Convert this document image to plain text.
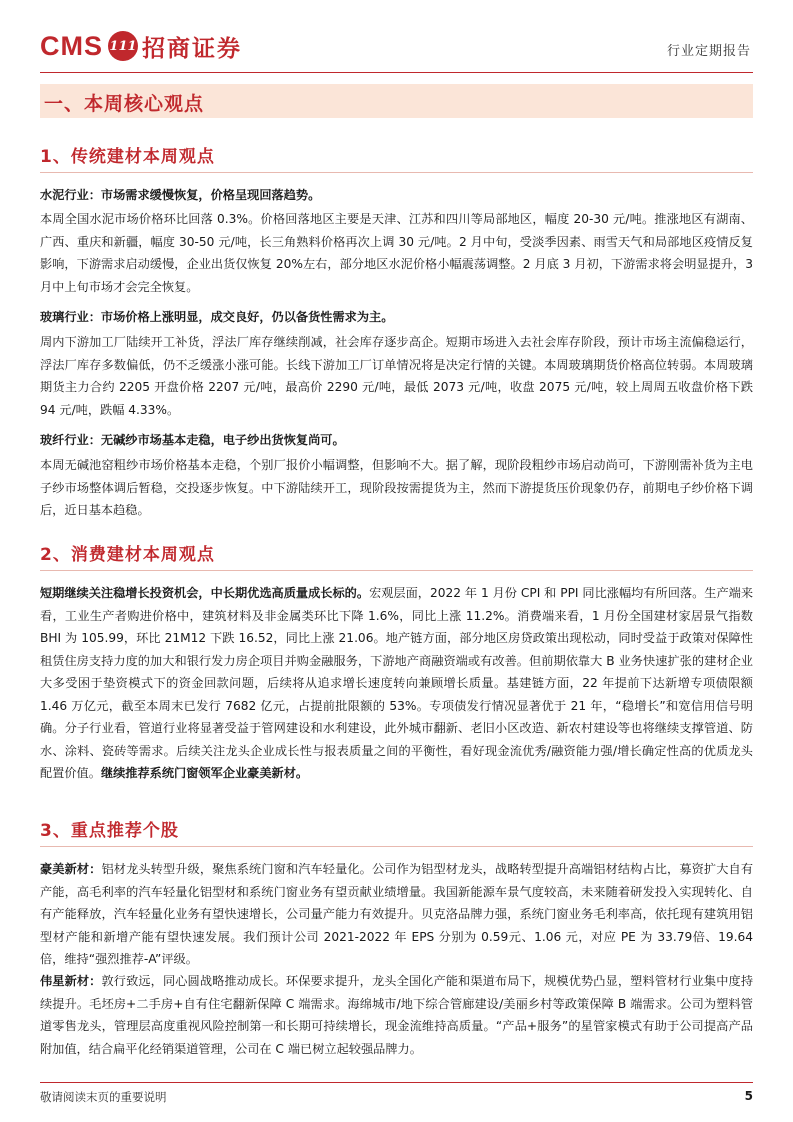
CMS 111 招商证券	行业定期报告
一、本周核心观点
1、传统建材本周观点
水泥行业：市场需求缓慢恢复，价格呈现回落趋势。
本周全国水泥市场价格环比回落 0.3%。价格回落地区主要是天津、江苏和四川等局部地区，幅度 20-30 元/吨。推涨地区有湖南、广西、重庆和新疆，幅度 30-50 元/吨，长三角熟料价格再次上调 30 元/吨。2 月中旬，受淡季因素、雨雪天气和局部地区疫情反复影响，下游需求启动缓慢，企业出货仅恢复 20%左右，部分地区水泥价格小幅震荡调整。2 月底 3 月初，下游需求将会明显提升，3 月中上旬市场才会完全恢复。
玻璃行业：市场价格上涨明显，成交良好，仍以备货性需求为主。
周内下游加工厂陆续开工补货，浮法厂库存继续削减，社会库存逐步高企。短期市场进入去社会库存阶段，预计市场主流偏稳运行，浮法厂库存多数偏低，仍不乏缓涨小涨可能。长线下游加工厂订单情况将是决定行情的关键。本周玻璃期货价格高位转弱。本周玻璃期货主力合约 2205 开盘价格 2207 元/吨，最高价 2290 元/吨，最低 2073 元/吨，收盘 2075 元/吨，较上周周五收盘价格下跌 94 元/吨，跌幅 4.33%。
玻纤行业：无碱纱市场基本走稳，电子纱出货恢复尚可。
本周无碱池窑粗纱市场价格基本走稳，个别厂报价小幅调整，但影响不大。据了解，现阶段粗纱市场启动尚可，下游刚需补货为主电子纱市场整体调后暂稳，交投逐步恢复。中下游陆续开工，现阶段按需提货为主，然而下游提货压价现象仍存，前期电子纱价格下调后，近日基本趋稳。
2、消费建材本周观点
短期继续关注稳增长投资机会，中长期优选高质量成长标的。宏观层面，2022 年 1 月份 CPI 和 PPI 同比涨幅均有所回落。生产端来看，工业生产者购进价格中，建筑材料及非金属类环比下降 1.6%，同比上涨 11.2%。消费端来看，1 月份全国建材家居景气指数 BHI 为 105.99，环比 21M12 下跌 16.52，同比上涨 21.06。地产链方面，部分地区房贷政策出现松动，同时受益于政策对保障性租赁住房支持力度的加大和银行发力房企项目并购金融服务，下游地产商融资端或有改善。但前期依靠大 B 业务快速扩张的建材企业大多受困于垫资模式下的资金回款问题，后续将从追求增长速度转向兼顾增长质量。基建链方面，22 年提前下达新增专项债限额 1.46 万亿元，截至本周末已发行 7682 亿元，占提前批限额的 53%。专项债发行情况显著优于 21 年，“稳增长”和宽信用信号明确。分子行业看，管道行业将显著受益于管网建设和水利建设，此外城市翻新、老旧小区改造、新农村建设等也将继续支撑管道、防水、涂料、瓷砖等需求。后续关注龙头企业成长性与报表质量之间的平衡性，看好现金流优秀/融资能力强/增长确定性高的优质龙头配置价值。继续推荐系统门窗领军企业豪美新材。
3、重点推荐个股
豪美新材：铝材龙头转型升级，聚焦系统门窗和汽车轻量化。公司作为铝型材龙头，战略转型提升高端铝材结构占比，募资扩大自有产能，高毛利率的汽车轻量化铝型材和系统门窗业务有望贡献业绩增量。我国新能源车景气度较高，未来随着研发投入实现转化、自有产能释放，汽车轻量化业务有望快速增长，公司量产能力有效提升。贝克洛品牌力强，系统门窗业务毛利率高，依托现有建筑用铝型材产能和新增产能有望快速发展。我们预计公司 2021-2022 年 EPS 分别为 0.59元、1.06 元，对应 PE 为 33.79倍、19.64 倍，维持“强烈推荐-A”评级。
伟星新材：敦行致远，同心圆战略推动成长。环保要求提升，龙头全国化产能和渠道布局下，规模优势凸显，塑料管材行业集中度持续提升。毛坯房+二手房+自有住宅翻新保障 C 端需求。海绵城市/地下综合管廊建设/美丽乡村等政策保障 B 端需求。公司为塑料管道零售龙头，管理层高度重视风险控制第一和长期可持续增长，现金流维持高质量。“产品+服务”的星管家模式有助于公司提高产品附加值，结合扁平化经销渠道管理，公司在 C 端已树立起较强品牌力。
敬请阅读末页的重要说明	5
